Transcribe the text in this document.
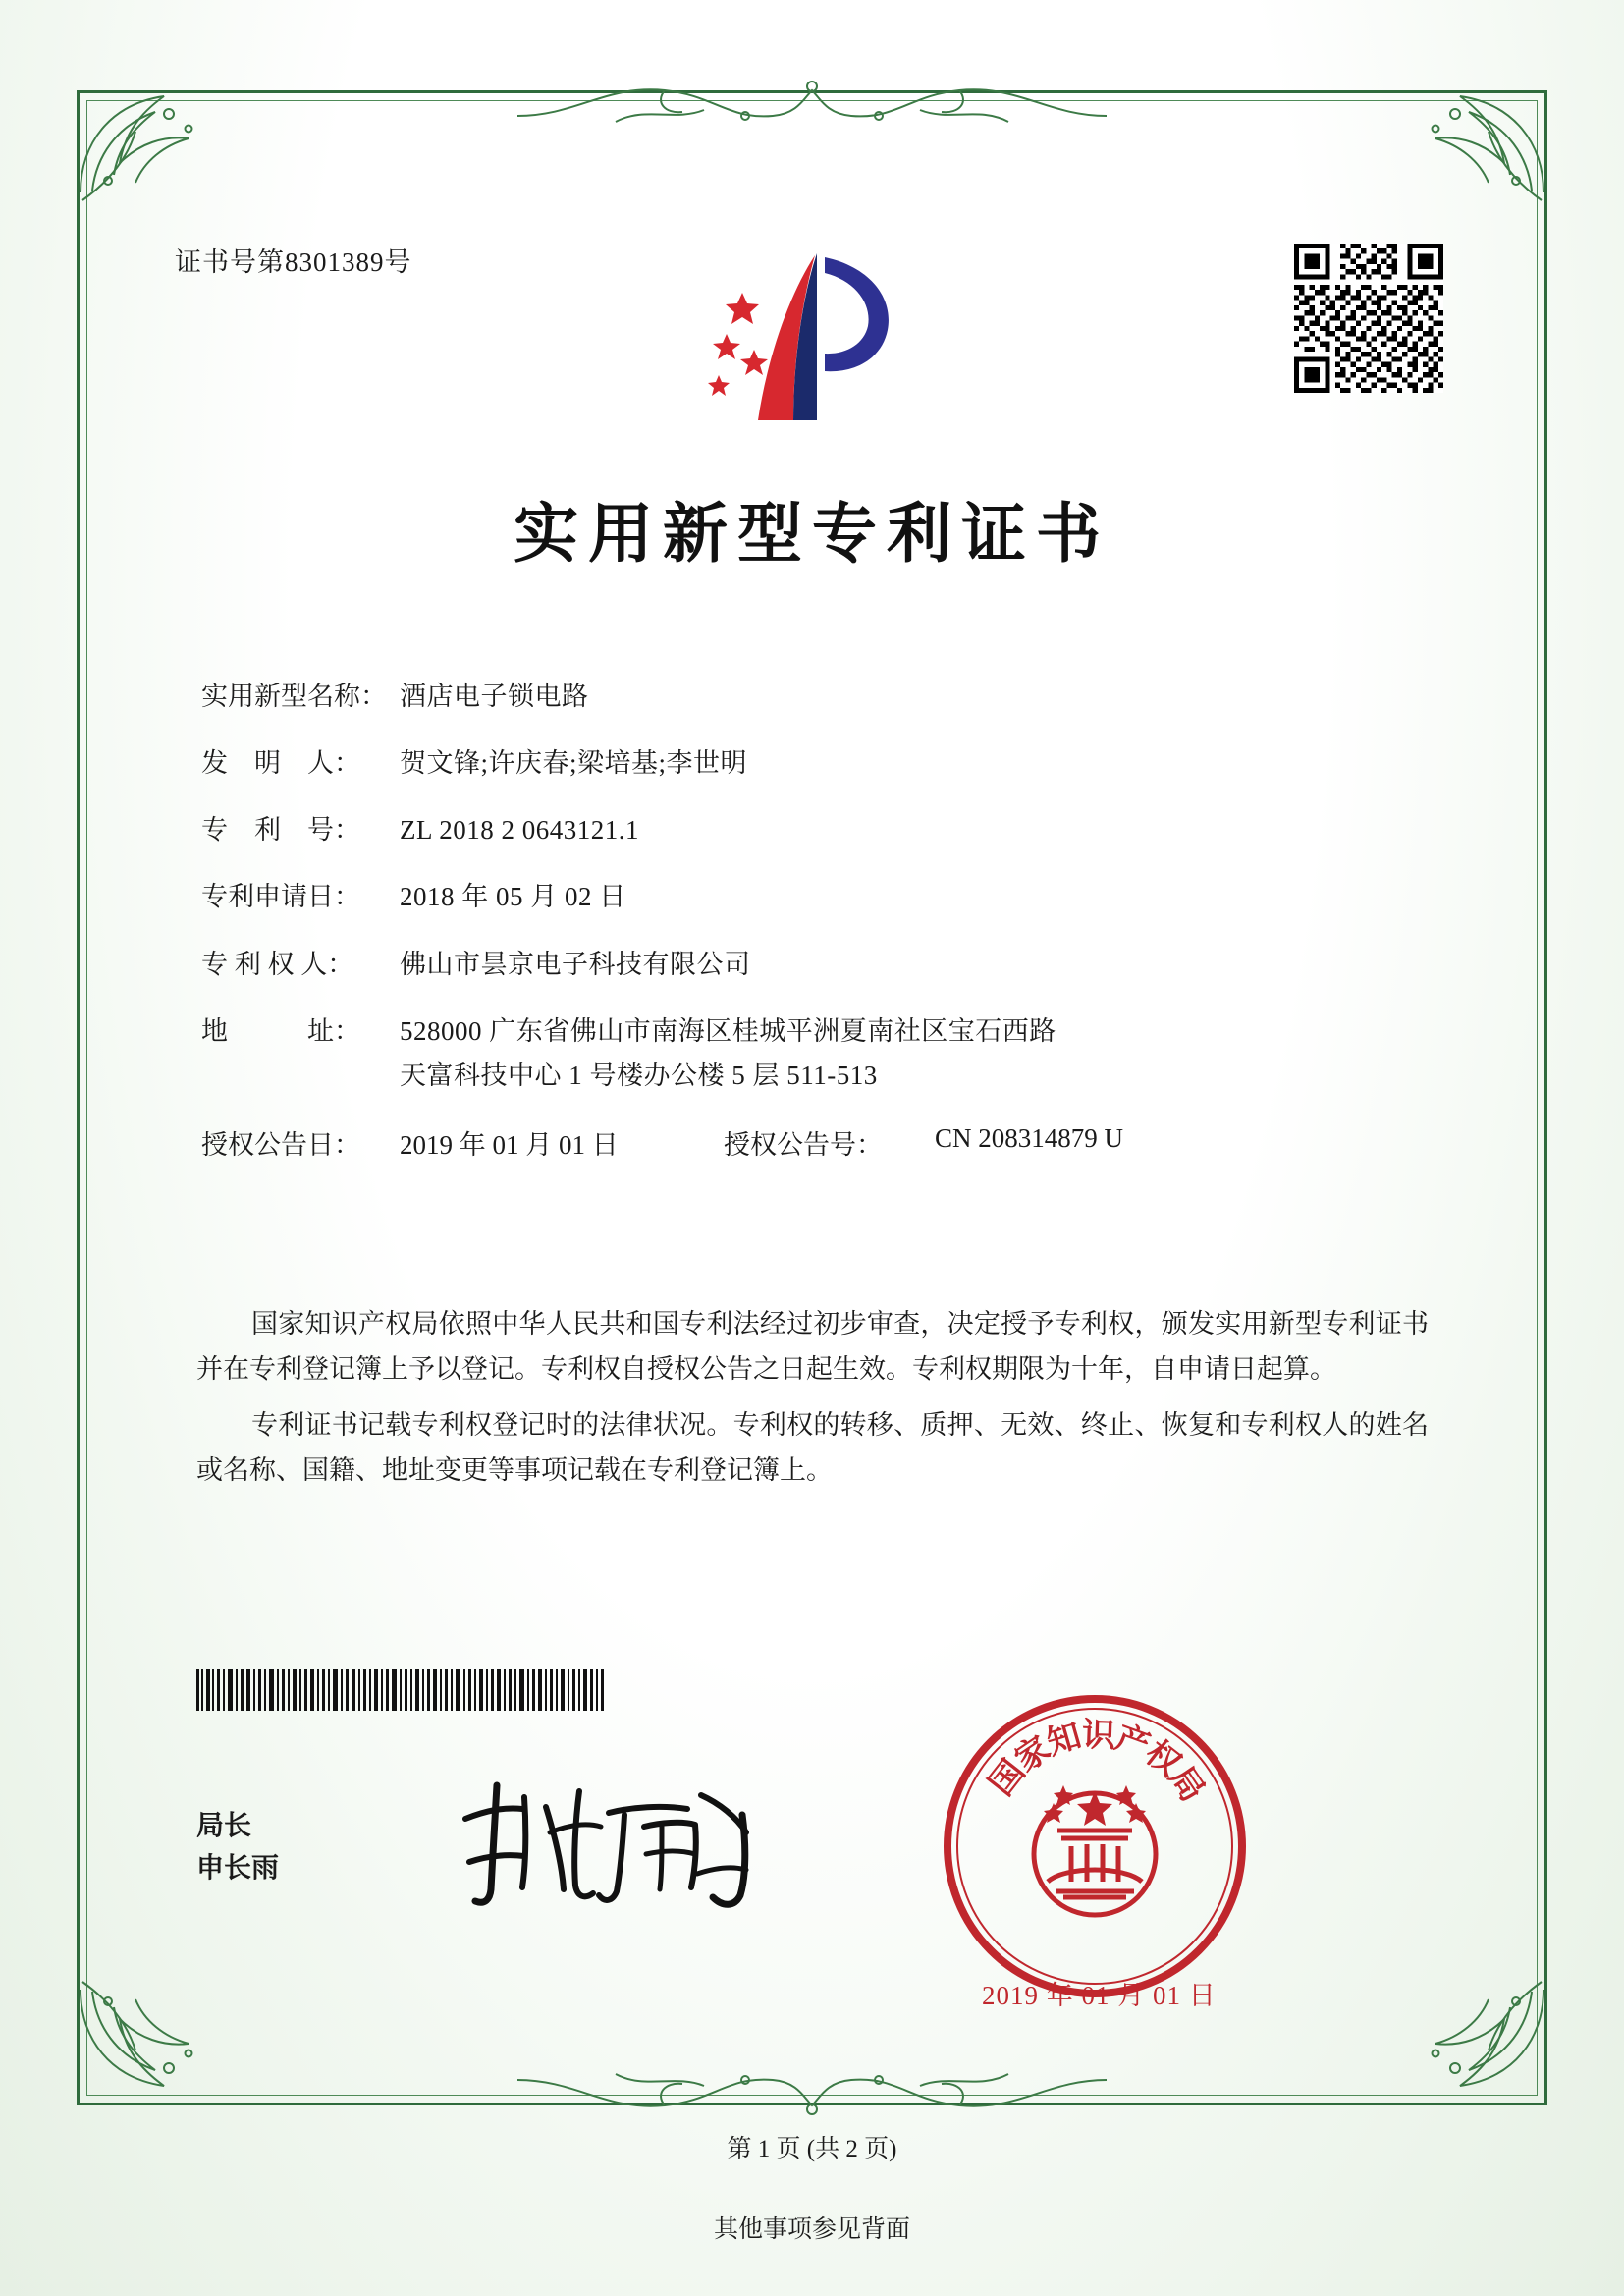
证书号第8301389号
实用新型专利证书
实用新型名称： 酒店电子锁电路
发　明　人：	贺文锋;许庆春;梁培基;李世明
专　利　号：	ZL 2018 2 0643121.1
专利申请日：	2018 年 05 月 02 日
专 利 权 人：	佛山市昙京电子科技有限公司
地　　　址：	528000 广东省佛山市南海区桂城平洲夏南社区宝石西路
天富科技中心 1 号楼办公楼 5 层 511-513
授权公告日：	2019 年 01 月 01 日	授权公告号：	CN 208314879 U

国家知识产权局依照中华人民共和国专利法经过初步审查，决定授予专利权，颁发实用新型专利证书并在专利登记簿上予以登记。专利权自授权公告之日起生效。专利权期限为十年，自申请日起算。

专利证书记载专利权登记时的法律状况。专利权的转移、质押、无效、终止、恢复和专利权人的姓名或名称、国籍、地址变更等事项记载在专利登记簿上。

局长
申长雨
国
家
知
识
产
权
局
2019 年 01 月 01 日
第 1 页 (共 2 页)
其他事项参见背面
